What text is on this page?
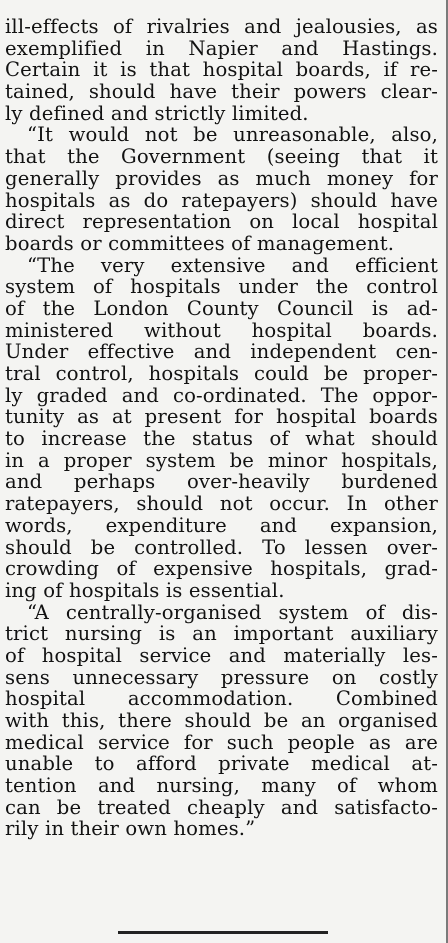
ill-effects of rivalries and jealousies, as
exemplified in Napier and Hastings.
Certain it is that hospital boards, if re-
tained, should have their powers clear-
ly defined and strictly limited.
“It would not be unreasonable, also,
that the Government (seeing that it
generally provides as much money for
hospitals as do ratepayers) should have
direct representation on local hospital
boards or committees of management.
“The very extensive and efficient
system of hospitals under the control
of the London County Council is ad-
ministered without hospital boards.
Under effective and independent cen-
tral control, hospitals could be proper-
ly graded and co-ordinated. The oppor-
tunity as at present for hospital boards
to increase the status of what should
in a proper system be minor hospitals,
and perhaps over-heavily burdened
ratepayers, should not occur. In other
words, expenditure and expansion,
should be controlled. To lessen over-
crowding of expensive hospitals, grad-
ing of hospitals is essential.
“A centrally-organised system of dis-
trict nursing is an important auxiliary
of hospital service and materially les-
sens unnecessary pressure on costly
hospital accommodation. Combined
with this, there should be an organised
medical service for such people as are
unable to afford private medical at-
tention and nursing, many of whom
can be treated cheaply and satisfacto-
rily in their own homes.”
